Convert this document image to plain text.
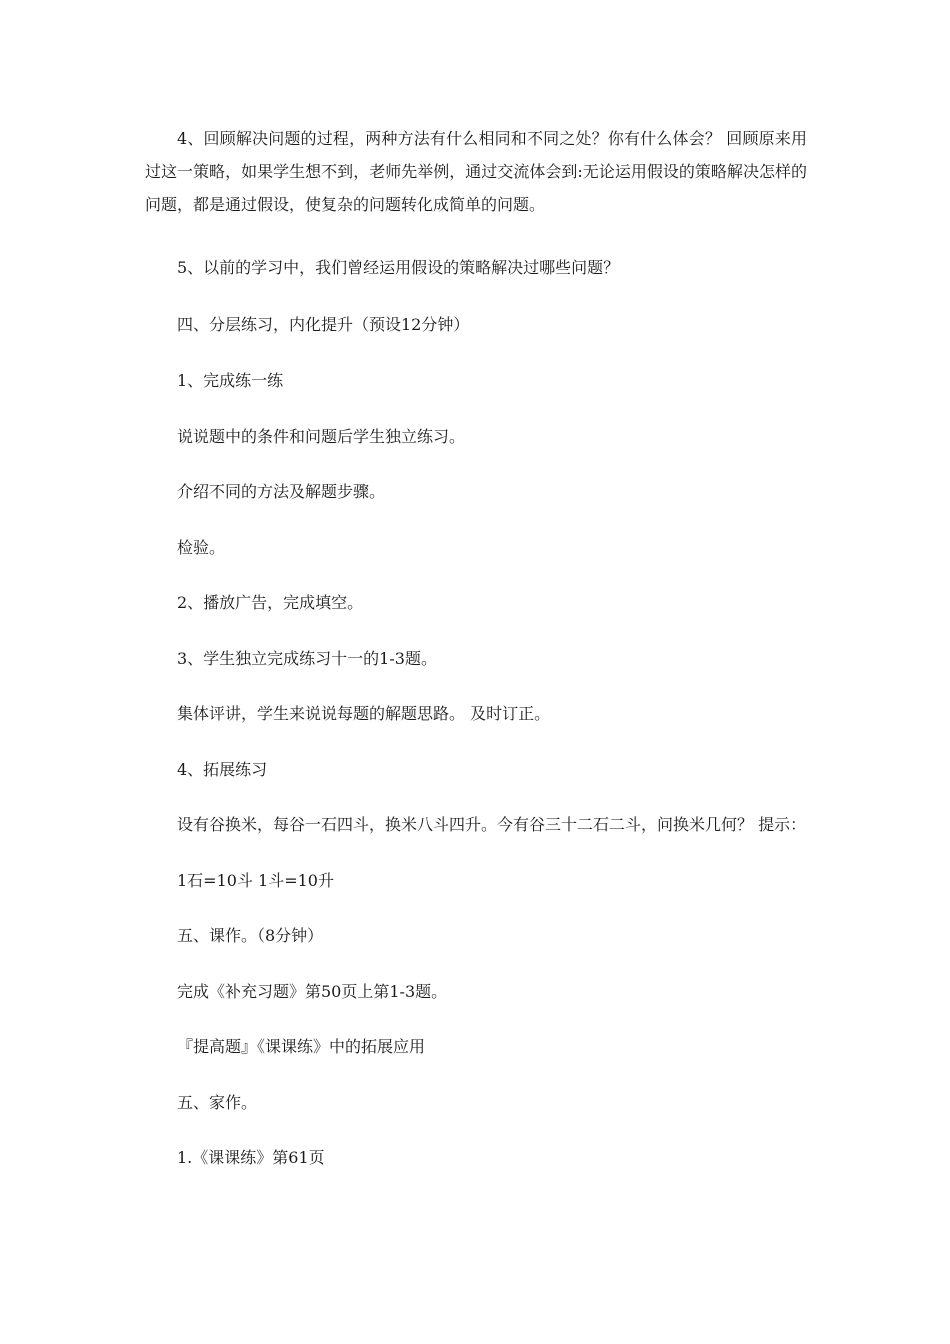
4、回顾解决问题的过程，两种方法有什么相同和不同之处？你有什么体会？ 回顾原来用过这一策略，如果学生想不到，老师先举例，通过交流体会到:无论运用假设的策略解决怎样的问题，都是通过假设，使复杂的问题转化成简单的问题。

5、以前的学习中，我们曾经运用假设的策略解决过哪些问题？

四、分层练习，内化提升（预设12分钟）

1、完成练一练

说说题中的条件和问题后学生独立练习。

介绍不同的方法及解题步骤。

检验。

2、播放广告，完成填空。

3、学生独立完成练习十一的1-3题。

集体评讲，学生来说说每题的解题思路。 及时订正。

4、拓展练习

设有谷换米，每谷一石四斗，换米八斗四升。今有谷三十二石二斗，问换米几何？ 提示：

1石=10斗 1斗=10升

五、课作。（8分钟）

完成《补充习题》第50页上第1-3题。

『提高题』《课课练》中的拓展应用

五、家作。

1.《课课练》第61页
